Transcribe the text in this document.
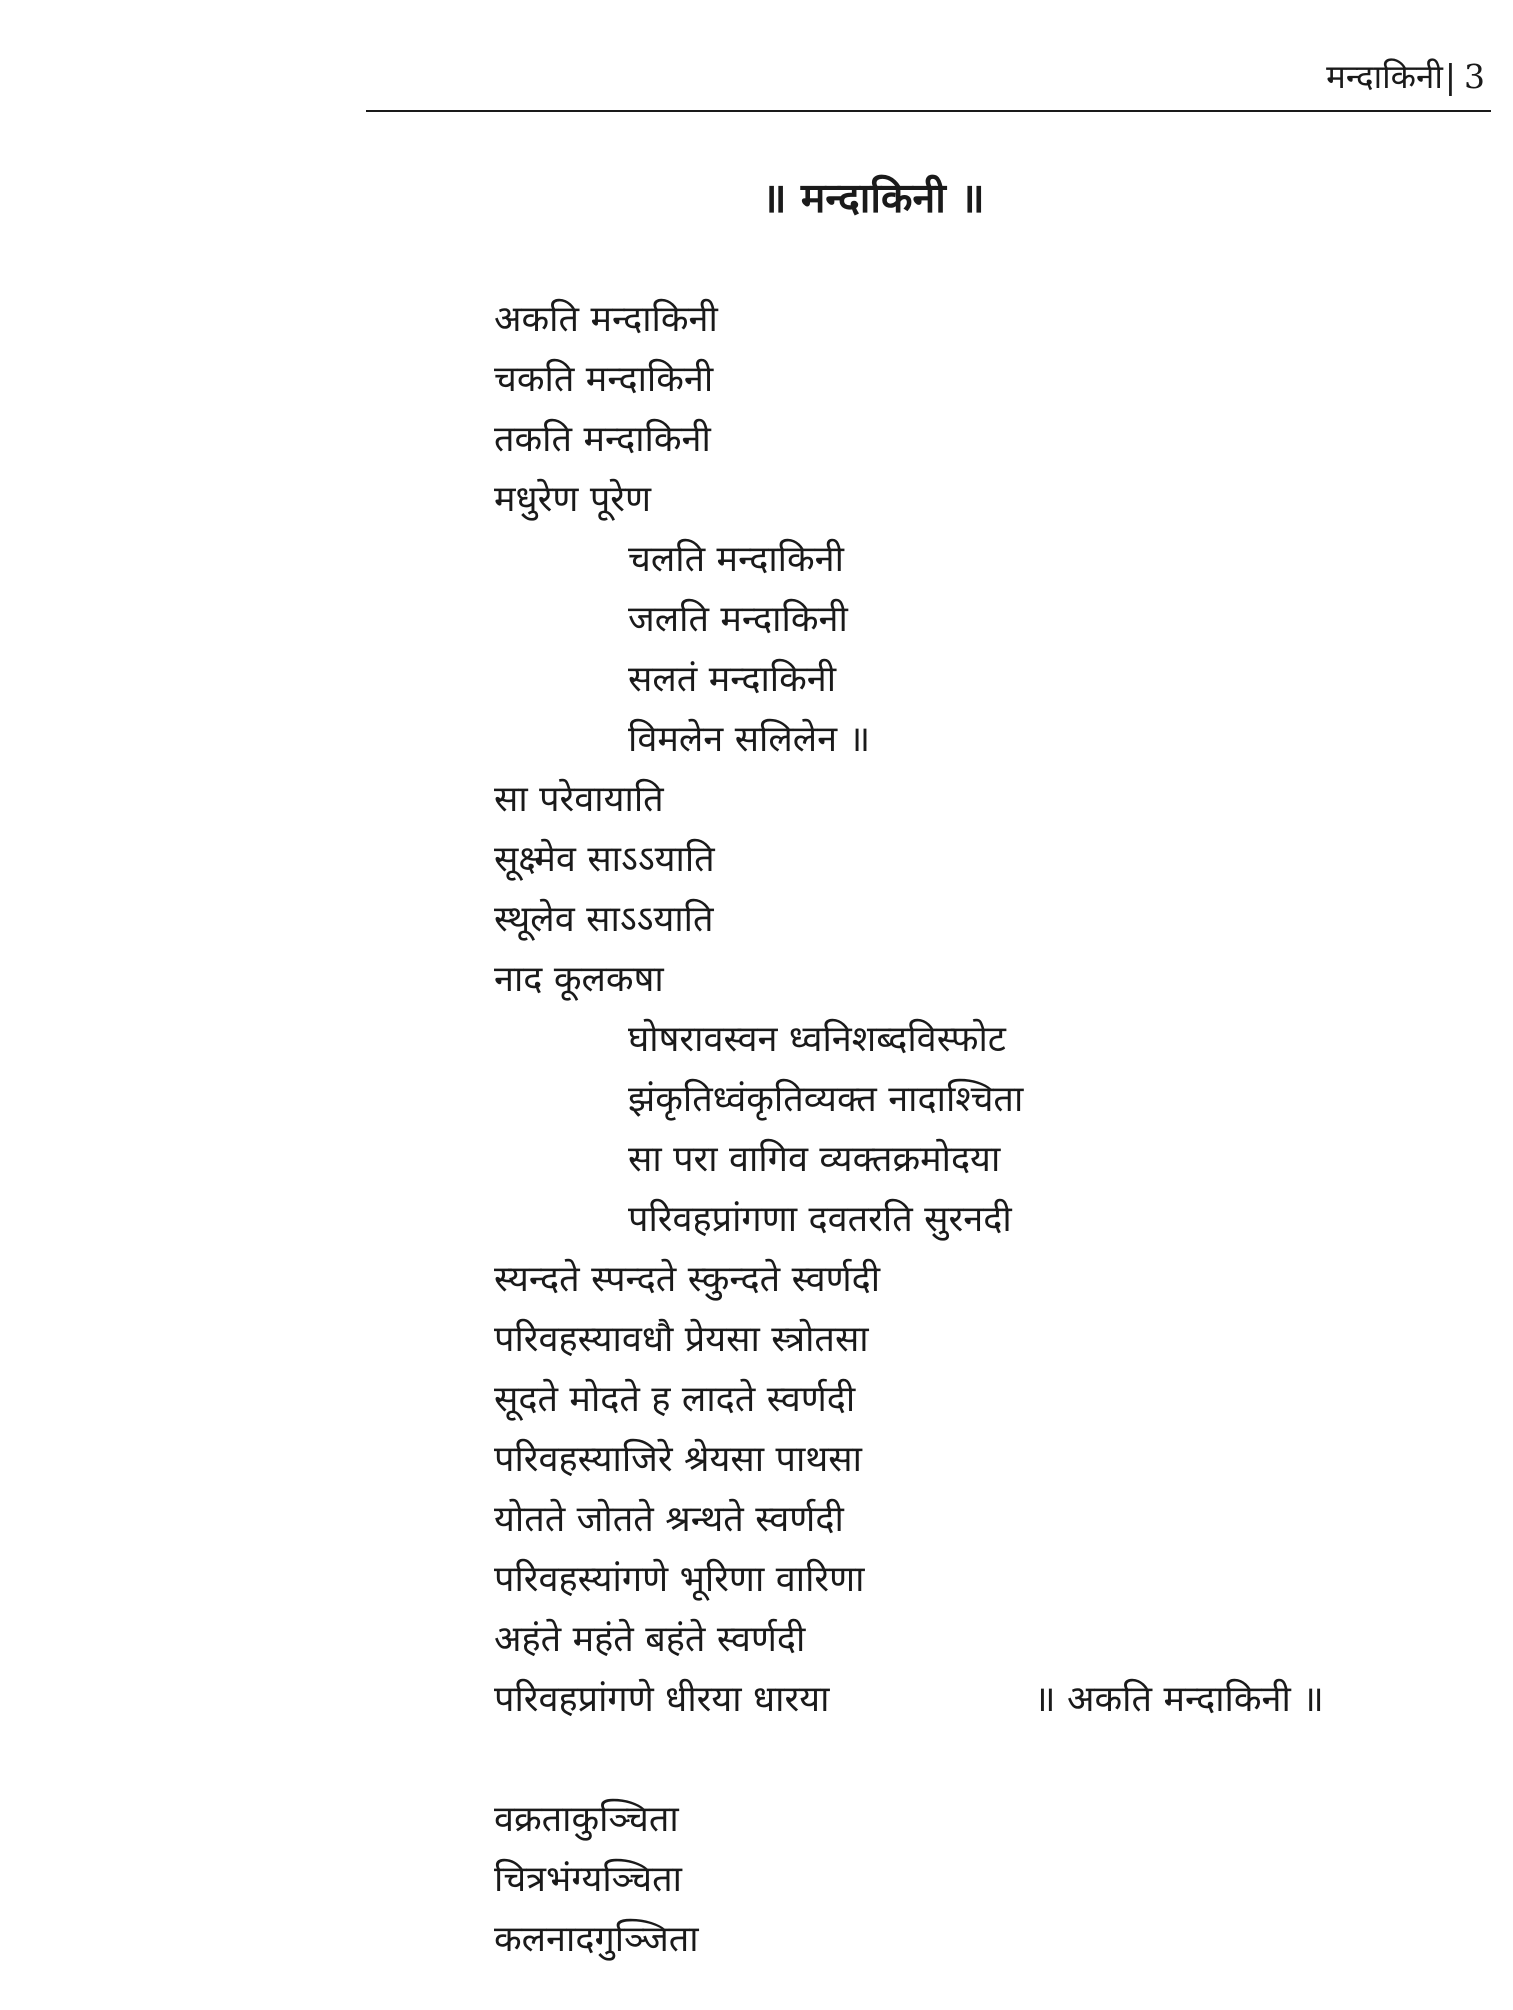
मन्दाकिनी| 3
॥ मन्दाकिनी ॥
अकति मन्दाकिनी
चकति मन्दाकिनी
तकति मन्दाकिनी
मधुरेण पूरेण
चलति मन्दाकिनी
जलति मन्दाकिनी
सलतं मन्दाकिनी
विमलेन सलिलेन ॥
सा परेवायाति
सूक्ष्मेव साऽऽयाति
स्थूलेव साऽऽयाति
नाद कूलकषा
घोषरावस्वन ध्वनिशब्दविस्फोट
झंकृतिध्वंकृतिव्यक्त नादाश्चिता
सा परा वागिव व्यक्तक्रमोदया
परिवहप्रांगणा दवतरति सुरनदी
स्यन्दते स्पन्दते स्कुन्दते स्वर्णदी
परिवहस्यावधौ प्रेयसा स्त्रोतसा
सूदते मोदते ह लादते स्वर्णदी
परिवहस्याजिरे श्रेयसा पाथसा
योतते जोतते श्रन्थते स्वर्णदी
परिवहस्यांगणे भूरिणा वारिणा
अहंते महंते बहंते स्वर्णदी
परिवहप्रांगणे धीरया धारया	॥ अकति मन्दाकिनी ॥
वक्रताकुञ्चिता
चित्रभंग्यञ्चिता
कलनादगुञ्जिता
